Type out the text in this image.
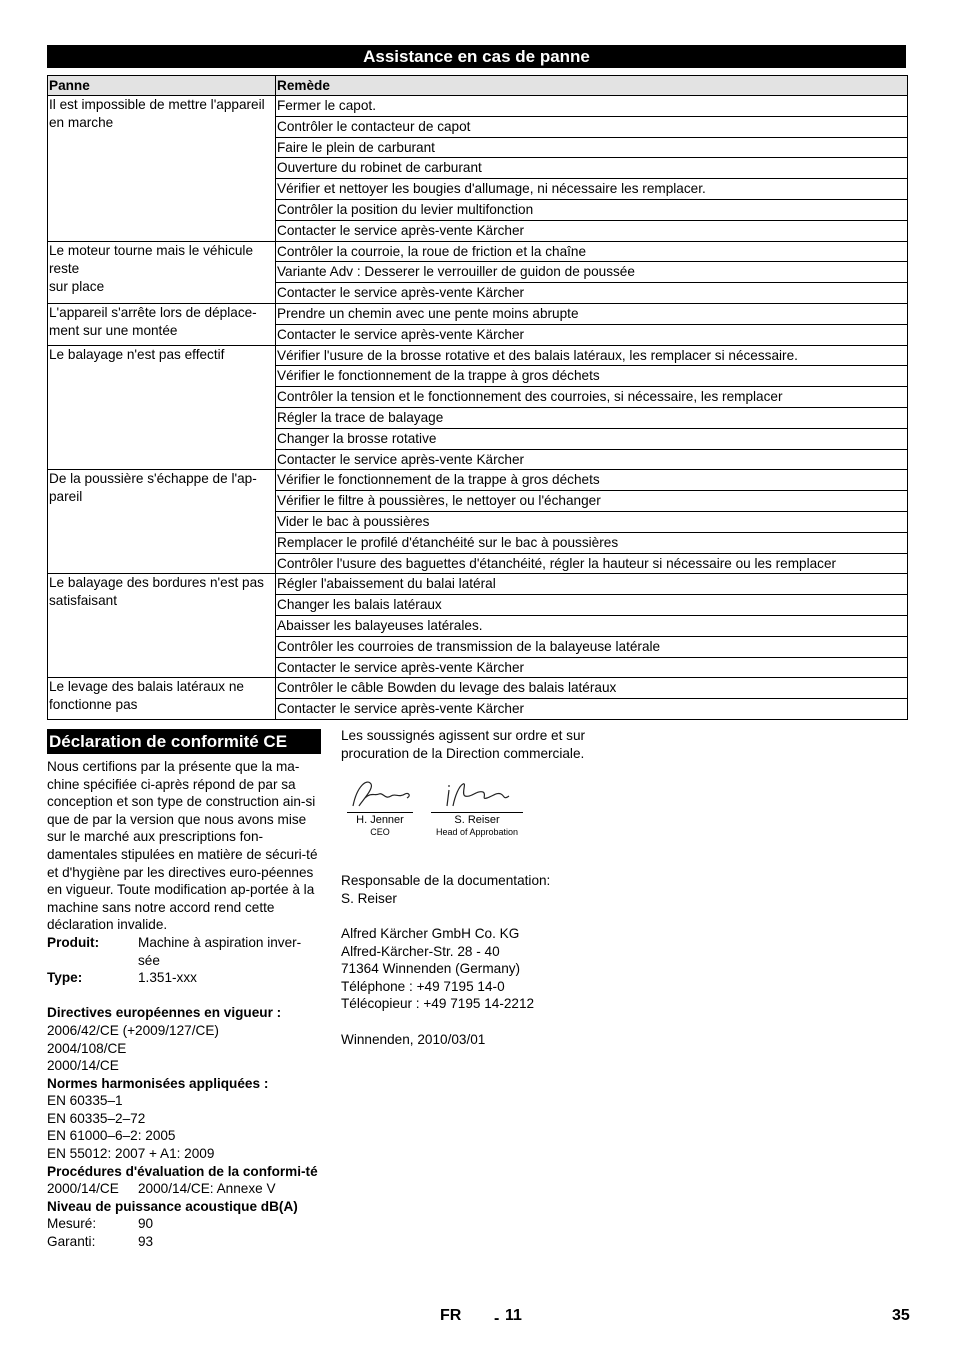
Assistance en cas de panne
Panne	Remède
Il est impossible de mettre l'appareil en marche	Fermer le capot.
	Contrôler le contacteur de capot
	Faire le plein de carburant
	Ouverture du robinet de carburant
	Vérifier et nettoyer les bougies d'allumage, ni nécessaire les remplacer.
	Contrôler la position du levier multifonction
	Contacter le service après-vente Kärcher
Le moteur tourne mais le véhicule reste
sur place	Contrôler la courroie, la roue de friction et la chaîne
	Variante Adv : Desserer le verrouiller de guidon de poussée
	Contacter le service après-vente Kärcher
L'appareil s'arrête lors de déplace-ment sur une montée	Prendre un chemin avec une pente moins abrupte
	Contacter le service après-vente Kärcher
Le balayage n'est pas effectif	Vérifier l'usure de la brosse rotative et des balais latéraux, les remplacer si nécessaire.
	Vérifier le fonctionnement de la trappe à gros déchets
	Contrôler la tension et le fonctionnement des courroies, si nécessaire, les remplacer
	Régler la trace de balayage
	Changer la brosse rotative
	Contacter le service après-vente Kärcher
De la poussière s'échappe de l'ap-pareil	Vérifier le fonctionnement de la trappe à gros déchets
	Vérifier le filtre à poussières, le nettoyer ou l'échanger
	Vider le bac à poussières
	Remplacer le profilé d'étanchéité sur le bac à poussières
	Contrôler l'usure des baguettes d'étanchéité, régler la hauteur si nécessaire ou les remplacer
Le balayage des bordures n'est pas satisfaisant	Régler l'abaissement du balai latéral
	Changer les balais latéraux
	Abaisser les balayeuses latérales.
	Contrôler les courroies de transmission de la balayeuse latérale
	Contacter le service après-vente Kärcher
Le levage des balais latéraux ne fonctionne pas	Contrôler le câble Bowden du levage des balais latéraux
	Contacter le service après-vente Kärcher
Déclaration de conformité CE
Nous certifions par la présente que la ma-chine spécifiée ci-après répond de par sa conception et son type de construction ain-si que de par la version que nous avons mise sur le marché aux prescriptions fon-damentales stipulées en matière de sécuri-té et d'hygiène par les directives euro-péennes en vigueur. Toute modification ap-portée à la machine sans notre accord rend cette déclaration invalide.
Produit:	Machine à aspiration inver-sée
Type:	1.351-xxx
Directives européennes en vigueur :
2006/42/CE (+2009/127/CE)
2004/108/CE
2000/14/CE
Normes harmonisées appliquées :
EN 60335–1
EN 60335–2–72
EN 61000–6–2: 2005
EN 55012: 2007 + A1: 2009
Procédures d'évaluation de la conformi-té
2000/14/CE	2000/14/CE: Annexe V
Niveau de puissance acoustique dB(A)
Mesuré:	90
Garanti:	93
Les soussignés agissent sur ordre et sur procuration de la Direction commerciale.
H. Jenner
CEO
S. Reiser
Head of Approbation
Responsable de la documentation:
S. Reiser
Alfred Kärcher GmbH Co. KG
Alfred-Kärcher-Str. 28 - 40
71364 Winnenden (Germany)
Téléphone : +49 7195 14-0
Télécopieur : +49 7195 14-2212
Winnenden, 2010/03/01
FR - 11	35
